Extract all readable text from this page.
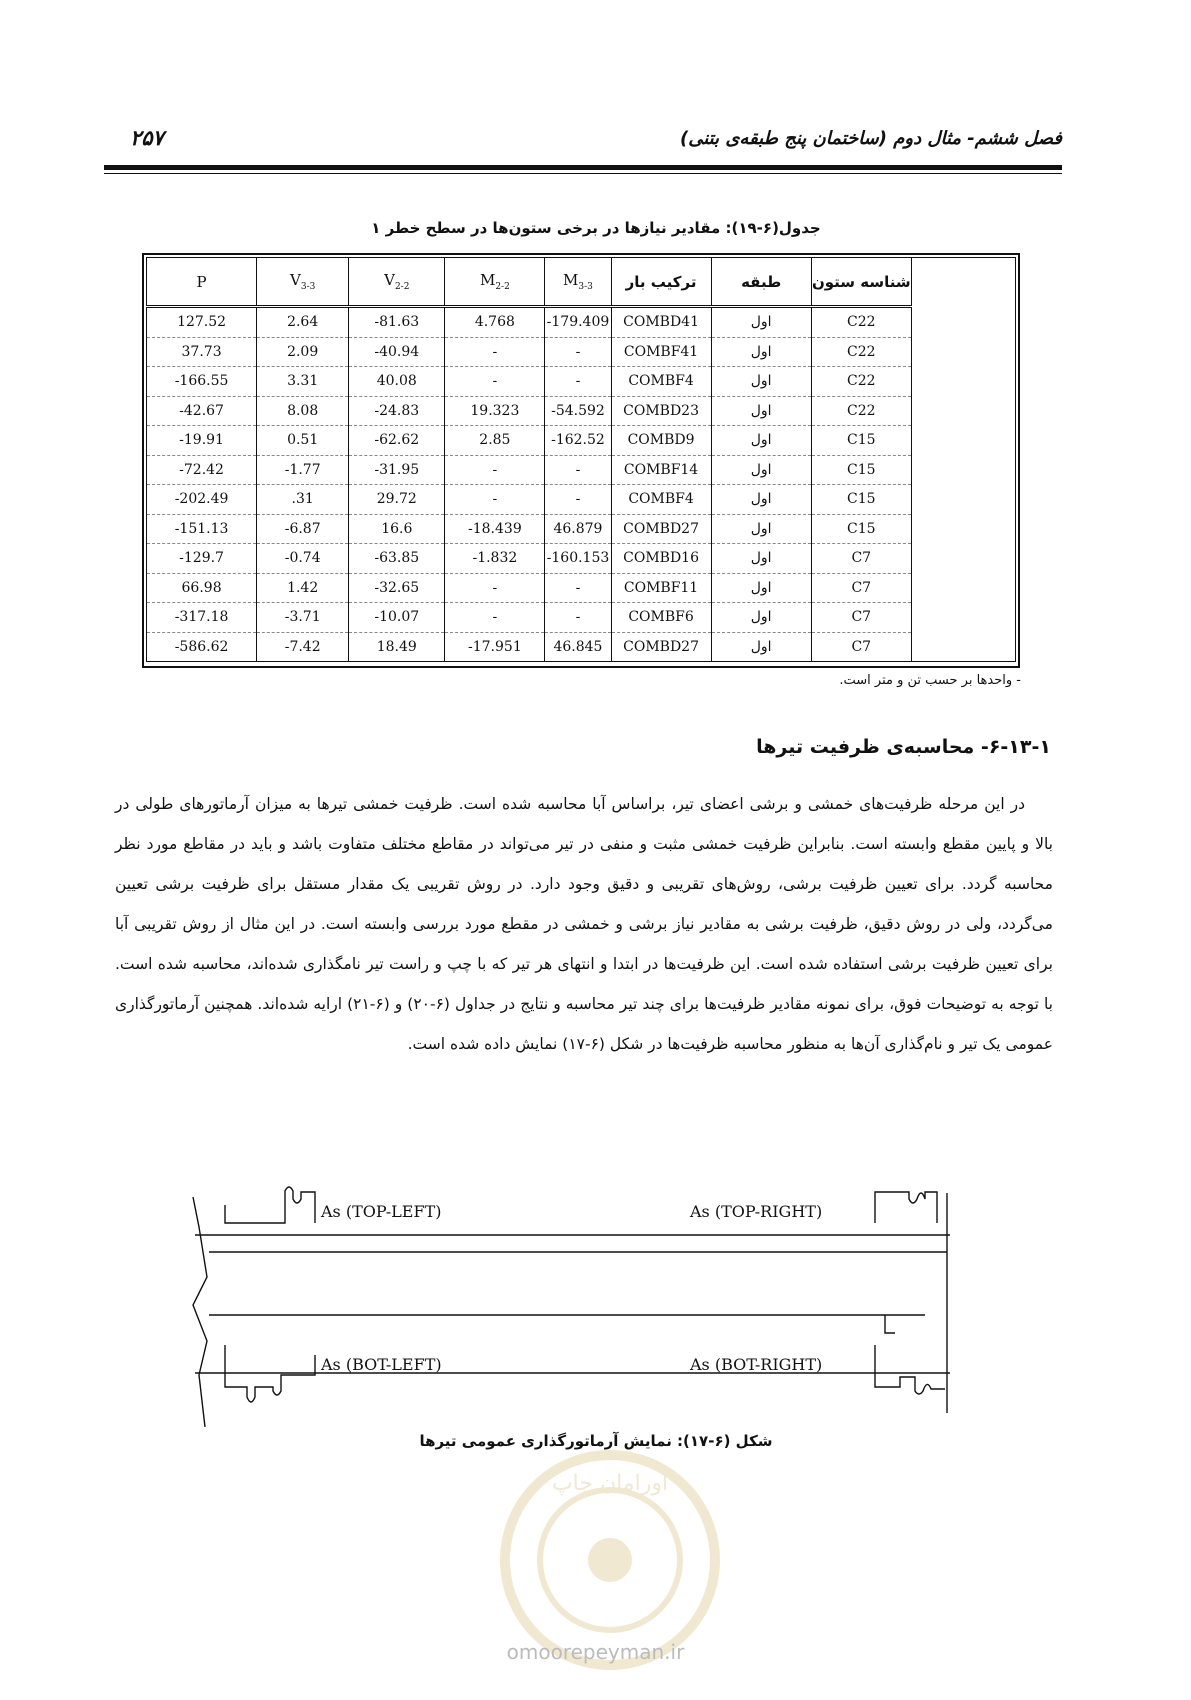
فصل ششم- مثال دوم (ساختمان پنج طبقه‌ی بتنی)
۲۵۷
جدول(۶-۱۹): مقادیر نیازها در برخی ستون‌ها در سطح خطر ۱
P	$V_{3-3}$	$V_{2-2}$	$M_{2-2}$	$M_{3-3}$	ترکیب بار	طبقه	شناسه ستون
127.52	2.64	-81.63	4.768	-179.409	COMBD41	اول	C22
37.73	2.09	-40.94	-	-	COMBF41	اول	C22
-166.55	3.31	40.08	-	-	COMBF4	اول	C22
-42.67	8.08	-24.83	19.323	-54.592	COMBD23	اول	C22
-19.91	0.51	-62.62	2.85	-162.52	COMBD9	اول	C15
-72.42	-1.77	-31.95	-	-	COMBF14	اول	C15
-202.49	.31	29.72	-	-	COMBF4	اول	C15
-151.13	-6.87	16.6	-18.439	46.879	COMBD27	اول	C15
-129.7	-0.74	-63.85	-1.832	-160.153	COMBD16	اول	C7
66.98	1.42	-32.65	-	-	COMBF11	اول	C7
-317.18	-3.71	-10.07	-	-	COMBF6	اول	C7
-586.62	-7.42	18.49	-17.951	46.845	COMBD27	اول	C7
- واحدها بر حسب تن و متر است.
۶-۱۳-۱- محاسبه‌ی ظرفیت تیرها

در این مرحله ظرفیت‌های خمشی و برشی اعضای تیر، براساس آبا محاسبه شده است. ظرفیت خمشی تیرها به میزان آرماتورهای طولی در بالا و پایین مقطع وابسته است. بنابراین ظرفیت خمشی مثبت و منفی در تیر می‌تواند در مقاطع مختلف متفاوت باشد و باید در مقاطع مورد نظر محاسبه گردد. برای تعیین ظرفیت برشی، روش‌های تقریبی و دقیق وجود دارد. در روش تقریبی یک مقدار مستقل برای ظرفیت برشی تعیین می‌گردد، ولی در روش دقیق، ظرفیت برشی به مقادیر نیاز برشی و خمشی در مقطع مورد بررسی وابسته است. در این مثال از روش تقریبی آبا برای تعیین ظرفیت برشی استفاده شده است. این ظرفیت‌ها در ابتدا و انتهای هر تیر که با چپ و راست تیر نامگذاری شده‌اند، محاسبه شده است. با توجه به توضیحات فوق، برای نمونه مقادیر ظرفیت‌ها برای چند تیر محاسبه و نتایج در جداول (۶-۲۰) و (۶-۲۱) ارایه شده‌اند. همچنین آرماتورگذاری عمومی یک تیر و نام‌گذاری آن‌ها به منظور محاسبه ظرفیت‌ها در شکل (۶-۱۷) نمایش داده شده است.

As (TOP-LEFT)	As (TOP-RIGHT)
As (BOT-LEFT)	As (BOT-RIGHT)
شکل (۶-۱۷): نمایش آرماتورگذاری عمومی تیرها
اورامان چاپ
omoorepeyman.ir
